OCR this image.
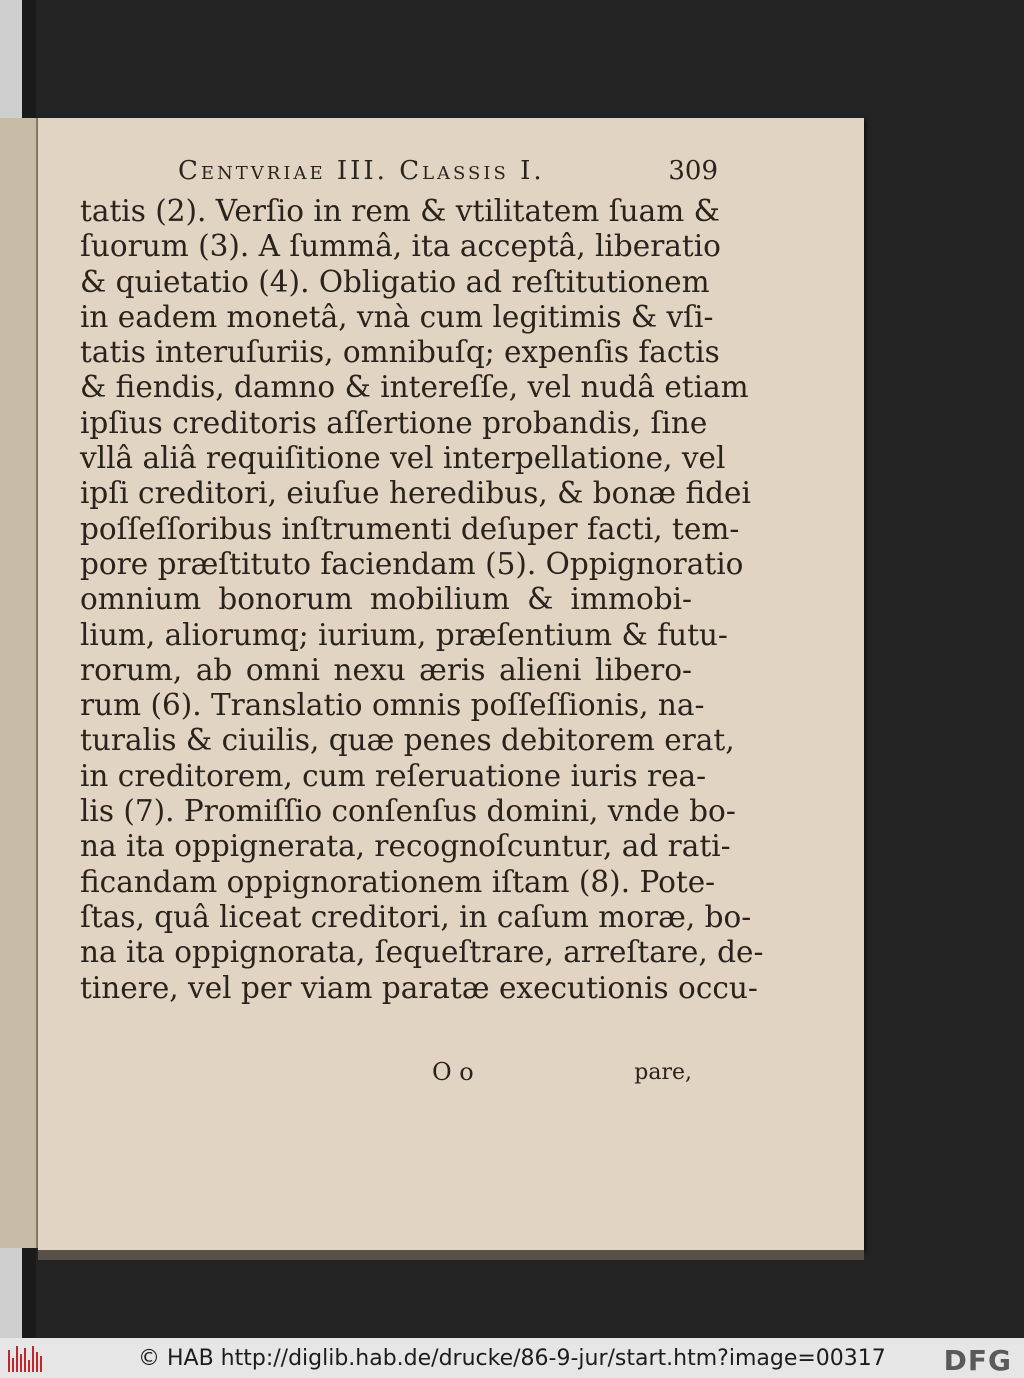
Centvriae III. Classis I.	309
tatis (2). Verſio in rem & vtilitatem ſuam &
ſuorum (3). A ſummâ, ita acceptâ, liberatio
& quietatio (4). Obligatio ad reſtitutionem
in eadem monetâ, vnà cum legitimis & vſi-
tatis interuſuriis, omnibuſq; expenſis factis
& fiendis, damno & intereſſe, vel nudâ etiam
ipſius creditoris aſſertione probandis, ſine
vllâ aliâ requiſitione vel interpellatione, vel
ipſi creditori, eiuſue heredibus, & bonæ fidei
poſſeſſoribus inſtrumenti deſuper facti, tem-
pore præſtituto faciendam (5). Oppignoratio
omnium bonorum mobilium & immobi-
lium, aliorumq; iurium, præſentium & futu-
rorum, ab omni nexu æris alieni libero-
rum (6). Translatio omnis poſſeſſionis, na-
turalis & ciuilis, quæ penes debitorem erat,
in creditorem, cum reſeruatione iuris rea-
lis (7). Promiſſio conſenſus domini, vnde bo-
na ita oppignerata, recognoſcuntur, ad rati-
ficandam oppignorationem iſtam (8). Pote-
ſtas, quâ liceat creditori, in caſum moræ, bo-
na ita oppignorata, ſequeſtrare, arreſtare, de-
tinere, vel per viam paratæ executionis occu-
O o	pare,
© HAB http://diglib.hab.de/drucke/86-9-jur/start.htm?image=00317 DFG
